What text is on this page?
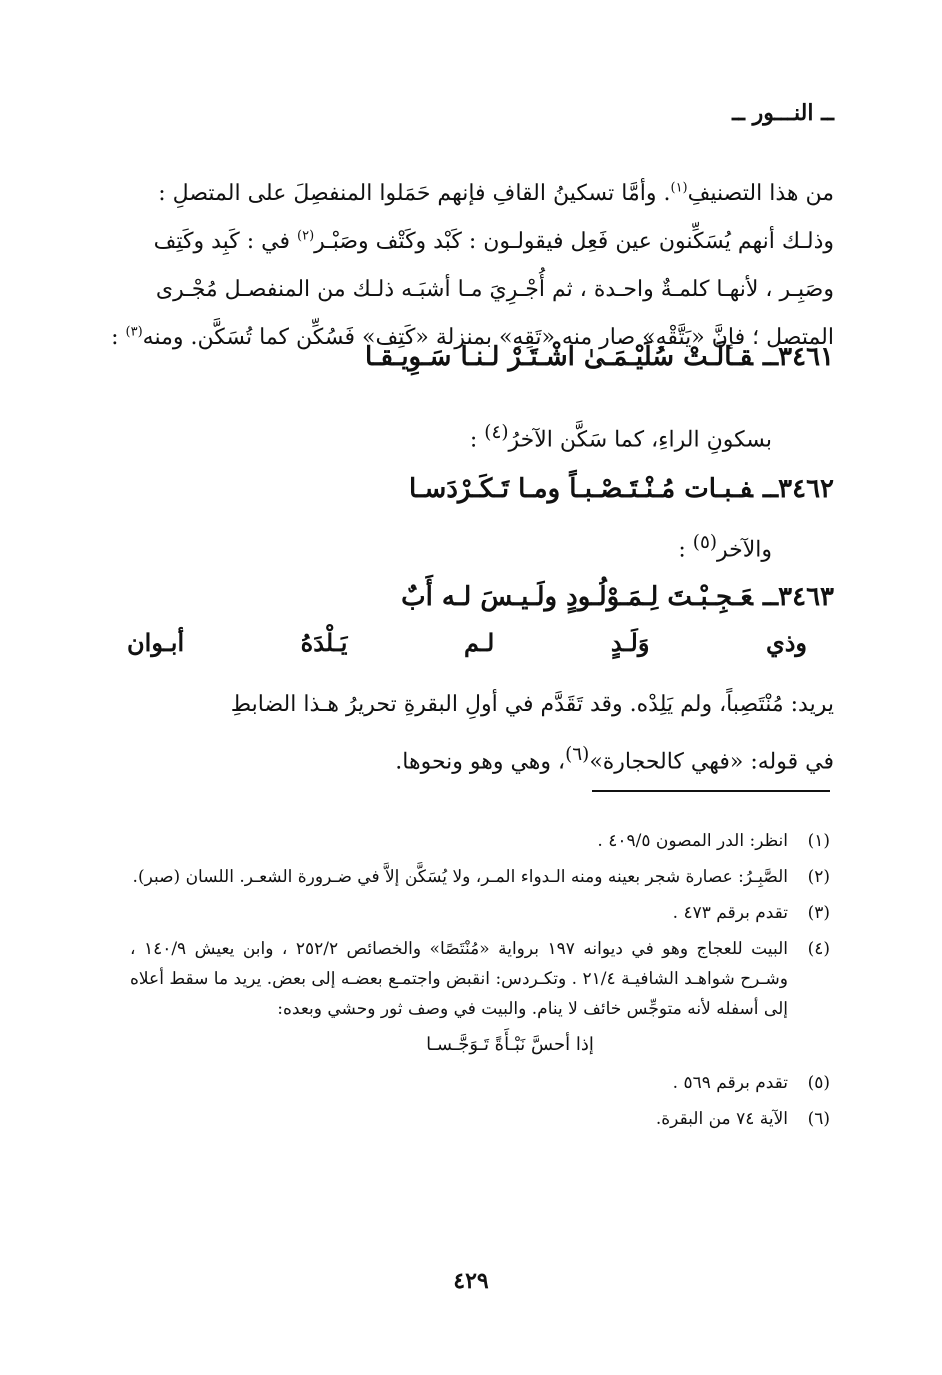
ــ النـــور ــ

من هذا التصنيفِ$^{(١)}$. وأمَّا تسكينُ القافِ فإنهم حَمَلوا المنفصِلَ على المتصلِ :

وذلـك أنهم يُسَكِّنون عين فَعِل فيقولـون : كَبْد وكَتْف وصَبْـر$^{(٢)}$ في : كَبِد وكَتِف

وصَبِـر ، لأنهـا كلمـةٌ واحـدة ، ثم أُجْـرِيَ مـا أشبَـه ذلـك من المنفصـل مُجْـرى

المتصل ؛ فإنَّ «يَتَّقْهِ» صار منه «تَقِهِ» بمنزلة «كَتِف» فَسُكِّن كما تُسَكَّن. ومنه$^{(٣)}$ :

٣٤٦١ــقـالَـتْ سُلَيْـمَـىٰ اشْـتَـرْ لـنـا سَـوِيـقـا
بسكونِ الراءِ، كما سَكَّن الآخرُ$^{(٤)}$ :
٣٤٦٢ــفـبـات مُـنْـتَـصْـبـاً ومـا تَـكَـرْدَسـا
والآخر$^{(٥)}$ :
٣٤٦٣ــعَـجِـبْـتَ لِـمَـوْلُـودٍ ولَـيـسَ لـه أَبٌ
وذي
وَلَـدٍ
لـم
يَـلْدَهُ
أبـوان

يريد: مُنْتَصِباً، ولم يَلِدْه. وقد تَقَدَّم في أولِ البقرةِ تحريرُ هـذا الضابطِ

في قوله: «فهي كالحجارة»$^{(٦)}$، وهي وهو ونحوها.

(١)
انظر: الدر المصون ٤٠٩/٥ .
(٢)
الصَّبِـرُ: عصارة شجر بعينه ومنه الـدواء المـر، ولا يُسَكَّن إلاَّ في ضـرورة الشعـر. اللسان (صبر).
(٣)
تقدم برقم ٤٧٣ .
(٤)
البيت للعجاج وهو في ديوانه ١٩٧ برواية «مُنْتَصًا» والخصائص ٢٥٢/٢ ، وابن يعيش ١٤٠/٩ ، وشـرح شواهـد الشافيـة ٢١/٤ . وتكـردس: انقبض واجتمـع بعضـه إلى بعض. يريد ما سقط أعلاه إلى أسفله لأنه متوجِّس خائف لا ينام. والبيت في وصف ثور وحشي وبعده:
إذا أحسَّ نَبْـأَةً تَـوَجَّـسـا
(٥)
تقدم برقم ٥٦٩ .
(٦)
الآية ٧٤ من البقرة.
٤٢٩
